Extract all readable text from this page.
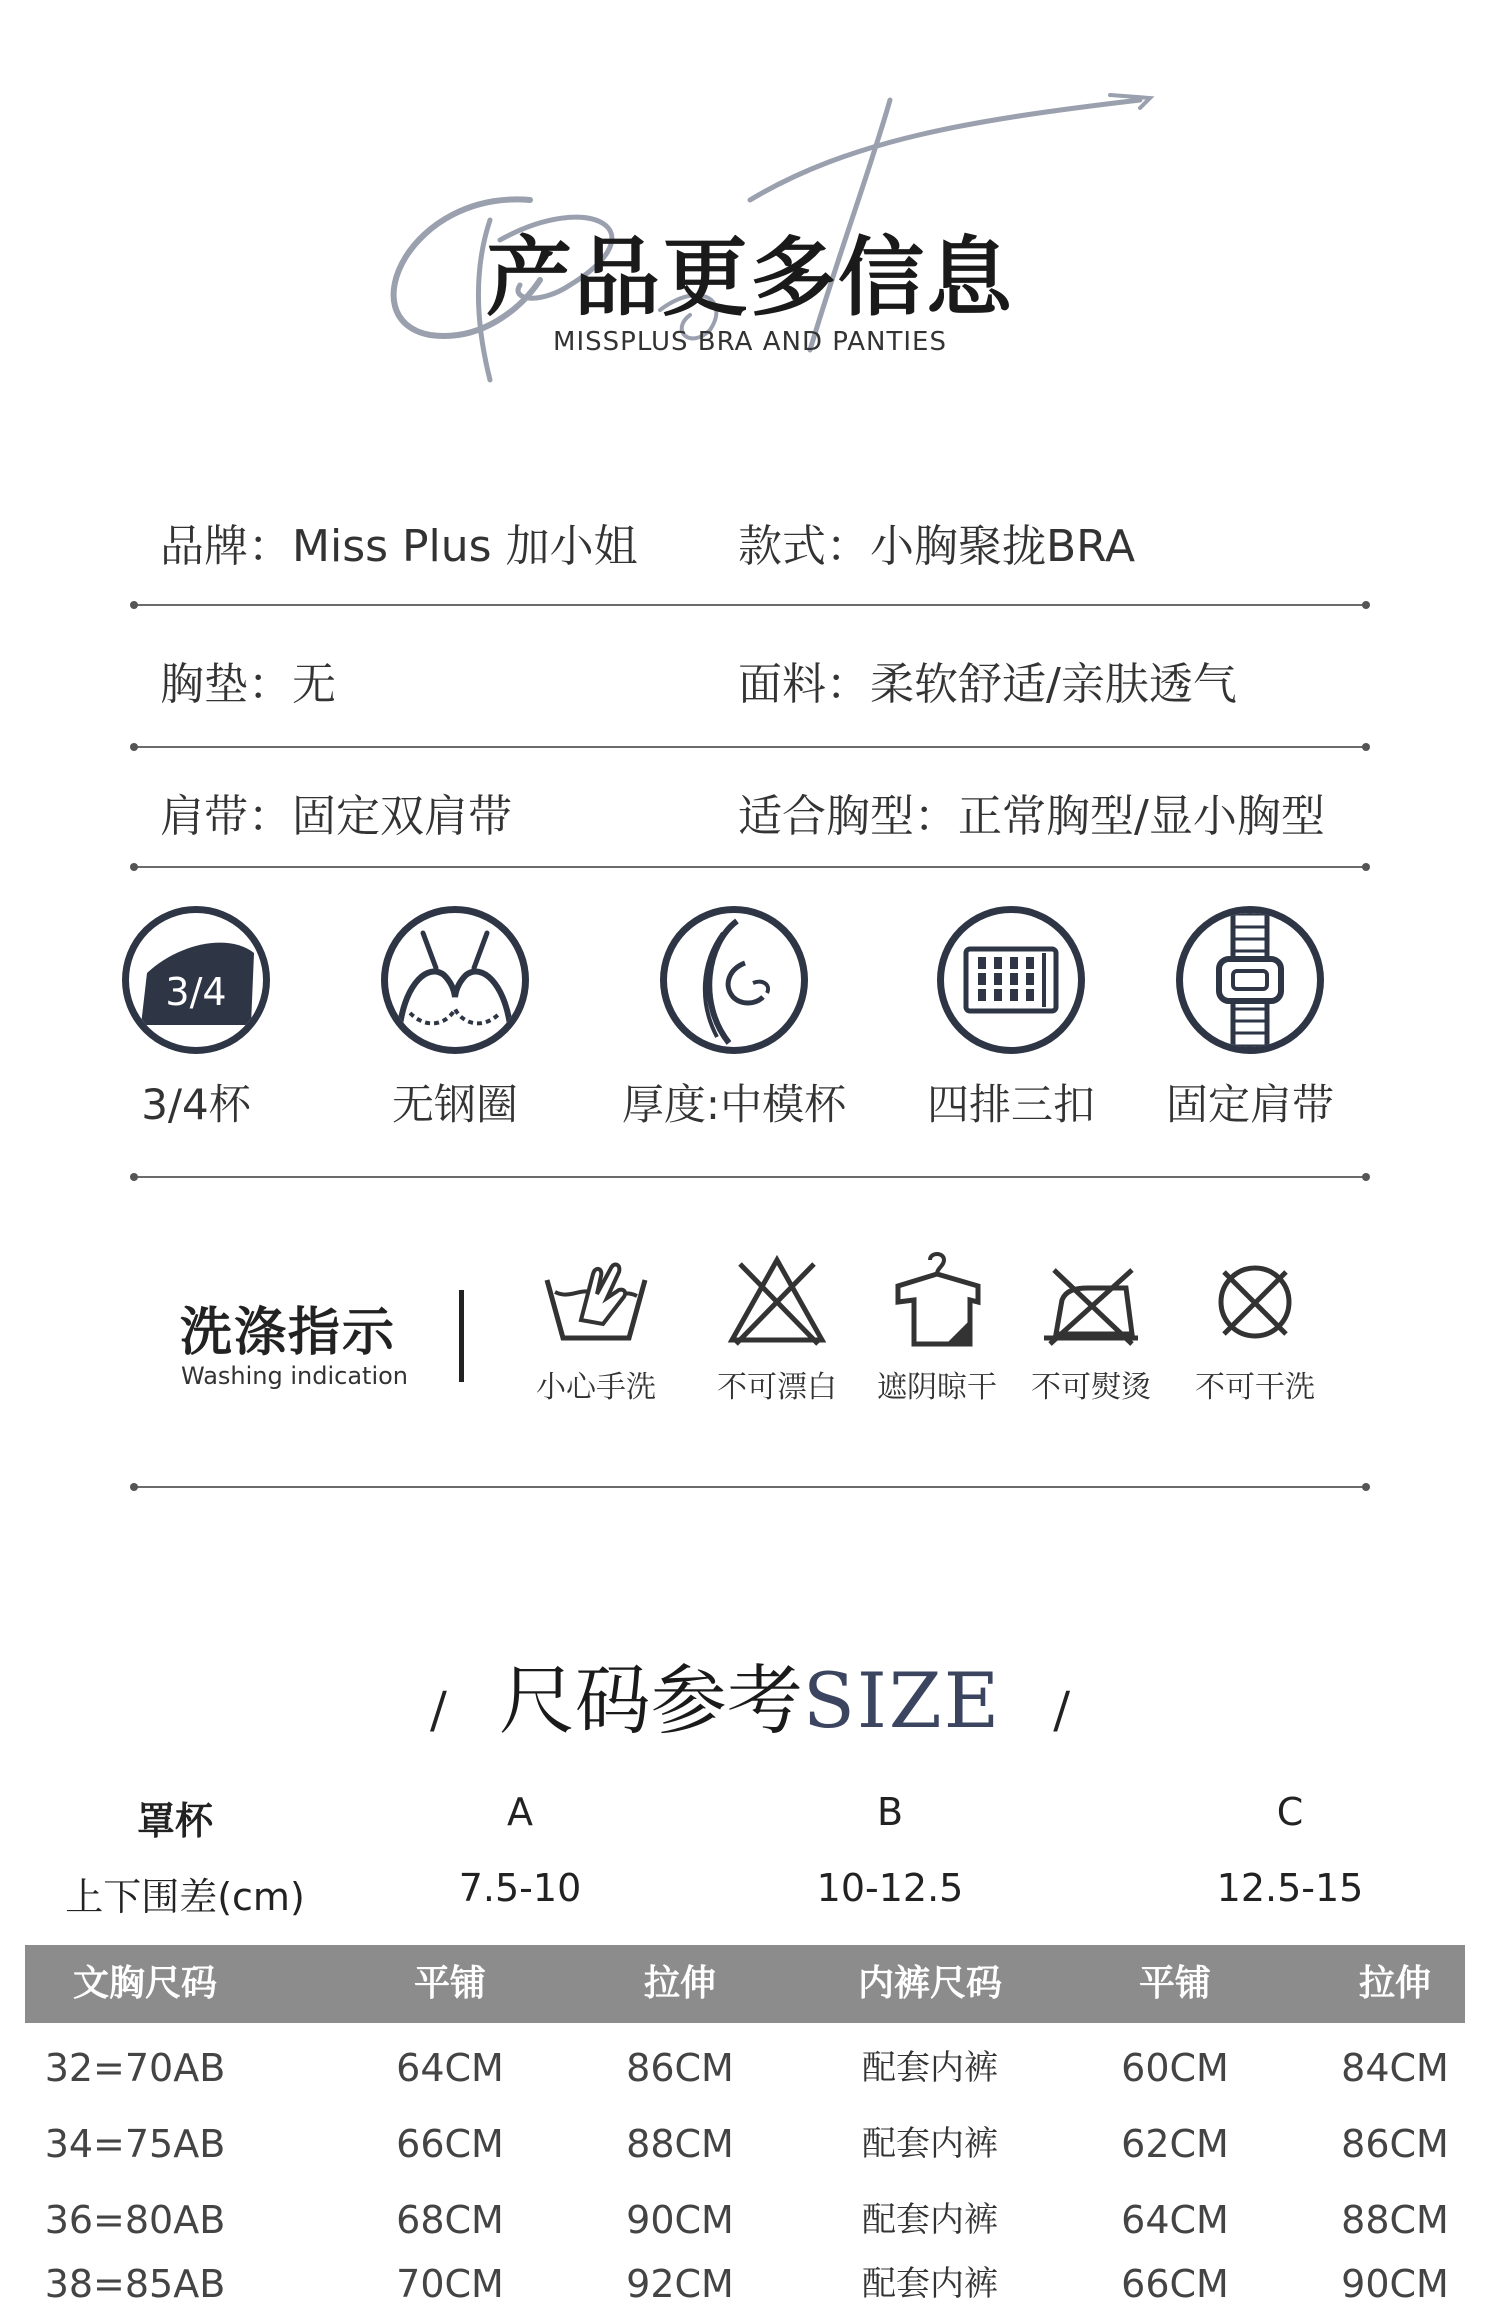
产品更多信息
MISSPLUS BRA AND PANTIES
品牌：Miss Plus 加小姐 款式：小胸聚拢BRA
胸垫：无	面料：柔软舒适/亲肤透气
肩带：固定双肩带	适合胸型：正常胸型/显小胸型
3/4
3/4杯	无钢圈	厚度:中模杯	四排三扣	固定肩带
洗涤指示
Washing indication	小心手洗	不可漂白	遮阴晾干	不可熨烫	不可干洗
/ 尺码参考SIZE /
罩杯	A	B	C
上下围差(cm)	7.5-10	10-12.5	12.5-15
文胸尺码	平铺	拉伸	内裤尺码	平铺	拉伸
32=70AB	64CM	86CM	配套内裤	60CM	84CM
34=75AB	66CM	88CM	配套内裤	62CM	86CM
36=80AB	68CM	90CM	配套内裤	64CM	88CM
38=85AB	70CM	92CM	配套内裤	66CM	90CM
